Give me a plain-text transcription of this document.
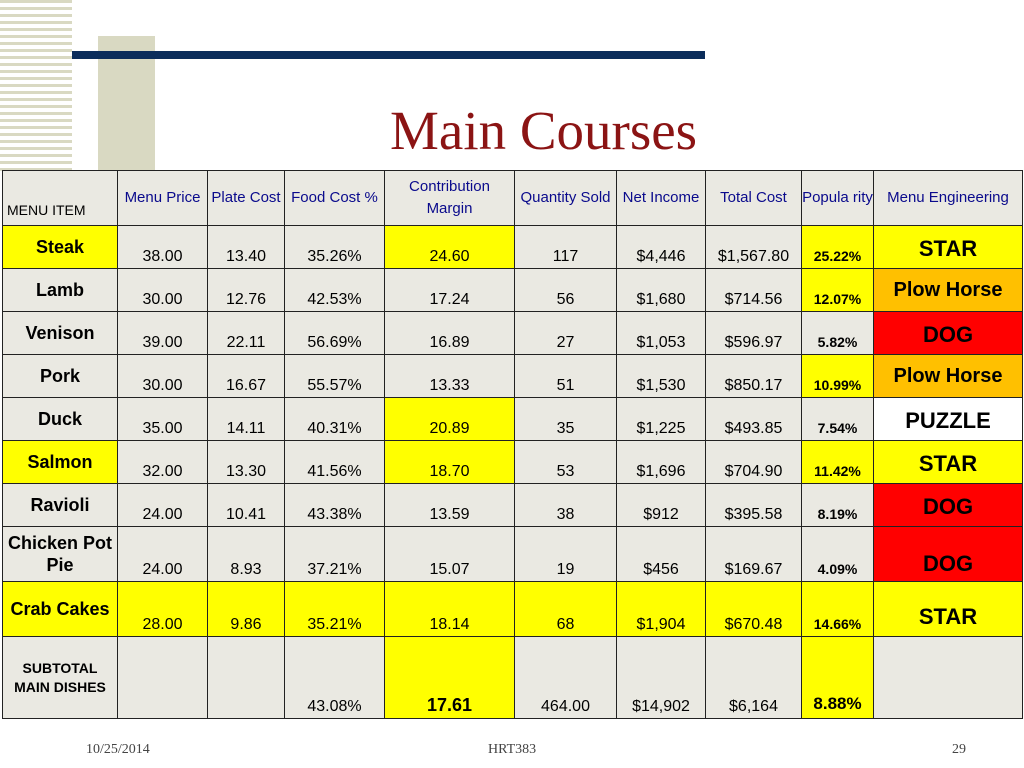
Main Courses
MENU ITEM	Menu Price	Plate Cost	Food Cost %	Contribution Margin	Quantity Sold	Net Income	Total Cost	Popula rity	Menu Engineering
Steak	38.00	13.40	35.26%	24.60	117	$4,446	$1,567.80	25.22%	STAR
Lamb	30.00	12.76	42.53%	17.24	56	$1,680	$714.56	12.07%	Plow Horse
Venison	39.00	22.11	56.69%	16.89	27	$1,053	$596.97	5.82%	DOG
Pork	30.00	16.67	55.57%	13.33	51	$1,530	$850.17	10.99%	Plow Horse
Duck	35.00	14.11	40.31%	20.89	35	$1,225	$493.85	7.54%	PUZZLE
Salmon	32.00	13.30	41.56%	18.70	53	$1,696	$704.90	11.42%	STAR
Ravioli	24.00	10.41	43.38%	13.59	38	$912	$395.58	8.19%	DOG
Chicken Pot Pie	24.00	8.93	37.21%	15.07	19	$456	$169.67	4.09%	DOG
Crab Cakes	28.00	9.86	35.21%	18.14	68	$1,904	$670.48	14.66%	STAR
SUBTOTAL MAIN DISHES			43.08%	17.61	464.00	$14,902	$6,164	8.88%	
10/25/2014	HRT383	29
